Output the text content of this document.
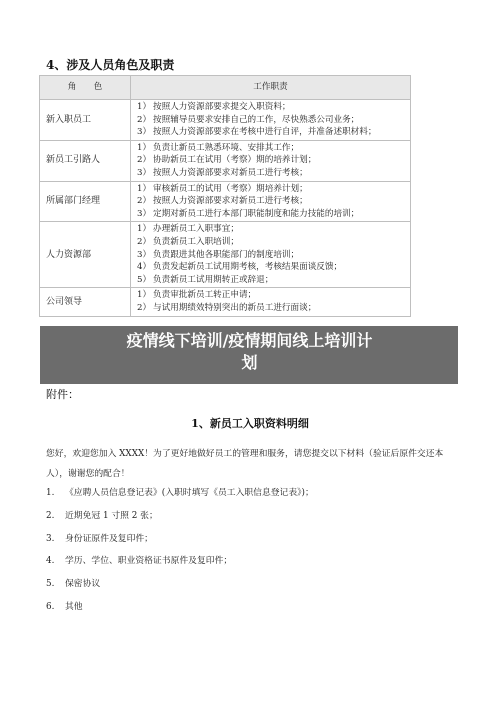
4、涉及人员角色及职责
角　　色	工作职责
新入职员工	1） 按照人力资源部要求提交入职资料；
2） 按照辅导员要求安排自己的工作，尽快熟悉公司业务；
3） 按照人力资源部要求在考核中进行自评，并准备述职材料；

新员工引路人	1） 负责让新员工熟悉环境、安排其工作；
2） 协助新员工在试用（考察）期的培养计划；
3） 按照人力资源部要求对新员工进行考核；

所属部门经理	1） 审核新员工的试用（考察）期培养计划；
2） 按照人力资源部要求对新员工进行考核；
3） 定期对新员工进行本部门职能制度和能力技能的培训；

人力资源部	1） 办理新员工入职事宜；
2） 负责新员工入职培训；
3） 负责跟进其他各职能部门的制度培训；
4） 负责发起新员工试用期考核，考核结果面谈反馈；
5） 负责新员工试用期转正或辞退；

公司领导	1） 负责审批新员工转正申请；
2） 与试用期绩效特别突出的新员工进行面谈；
疫情线下培训/疫情期间线上培训计
划
附件：
1、新员工入职资料明细
您好，欢迎您加入 XXXX！为了更好地做好员工的管理和服务，请您提交以下材料（验证后原件交还本人），谢谢您的配合！
1. 《应聘人员信息登记表》(入职时填写《员工入职信息登记表》)；
2. 近期免冠 1 寸照 2 张；
3. 身份证原件及复印件；
4. 学历、学位、职业资格证书原件及复印件；
5. 保密协议
6. 其他
